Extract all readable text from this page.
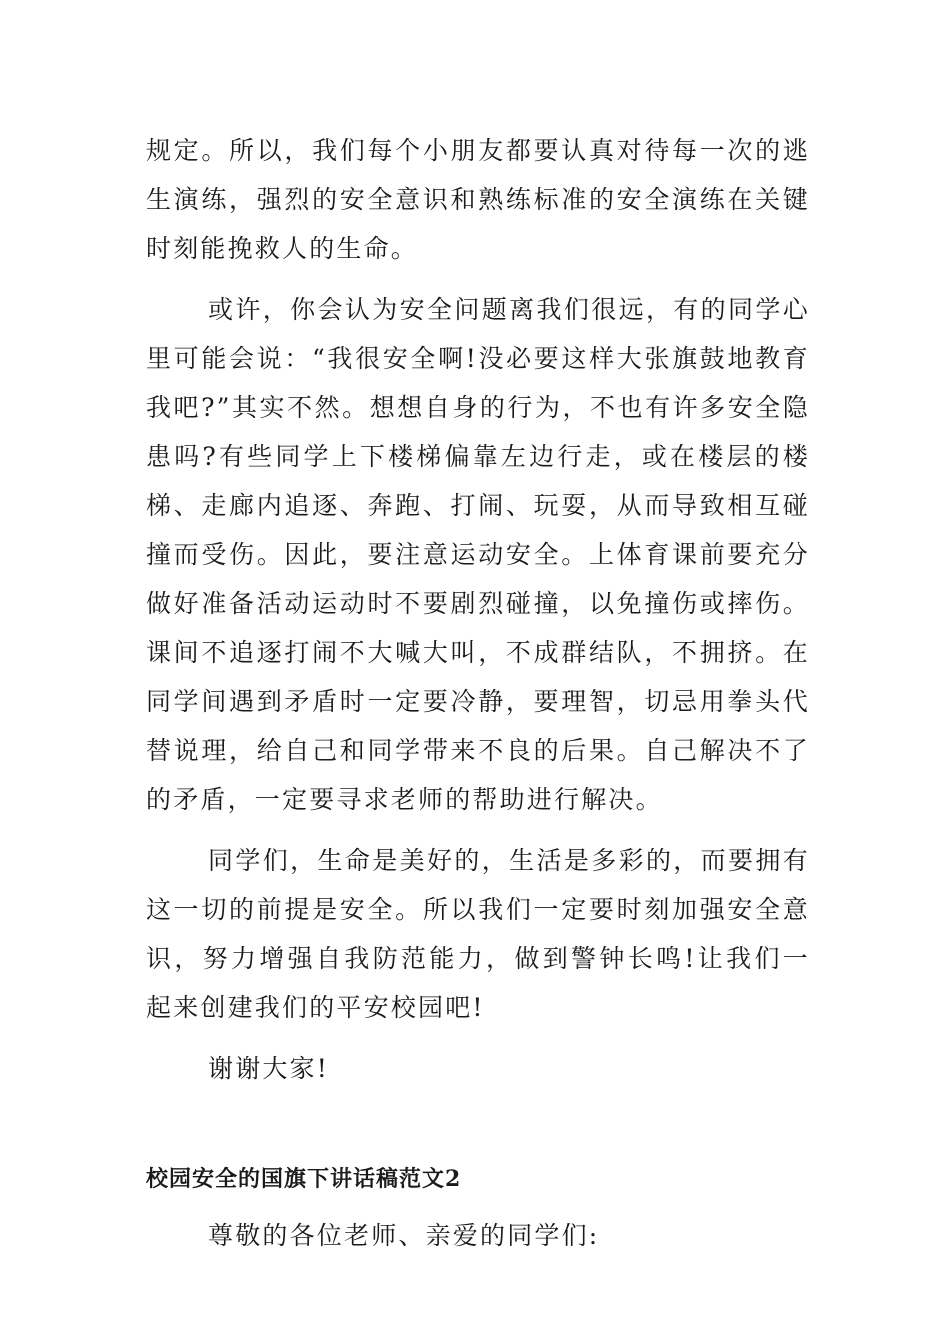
规定。所以，我们每个小朋友都要认真对待每一次的逃生演练，强烈的安全意识和熟练标准的安全演练在关键时刻能挽救人的生命。

或许，你会认为安全问题离我们很远，有的同学心里可能会说：“我很安全啊!没必要这样大张旗鼓地教育我吧?”其实不然。想想自身的行为，不也有许多安全隐患吗?有些同学上下楼梯偏靠左边行走，或在楼层的楼梯、走廊内追逐、奔跑、打闹、玩耍，从而导致相互碰撞而受伤。因此，要注意运动安全。上体育课前要充分做好准备活动运动时不要剧烈碰撞，以免撞伤或摔伤。课间不追逐打闹不大喊大叫，不成群结队，不拥挤。在同学间遇到矛盾时一定要冷静，要理智，切忌用拳头代替说理，给自己和同学带来不良的后果。自己解决不了的矛盾，一定要寻求老师的帮助进行解决。

同学们，生命是美好的，生活是多彩的，而要拥有这一切的前提是安全。所以我们一定要时刻加强安全意识，努力增强自我防范能力，做到警钟长鸣!让我们一起来创建我们的平安校园吧!

谢谢大家!

校园安全的国旗下讲话稿范文2

尊敬的各位老师、亲爱的同学们:
